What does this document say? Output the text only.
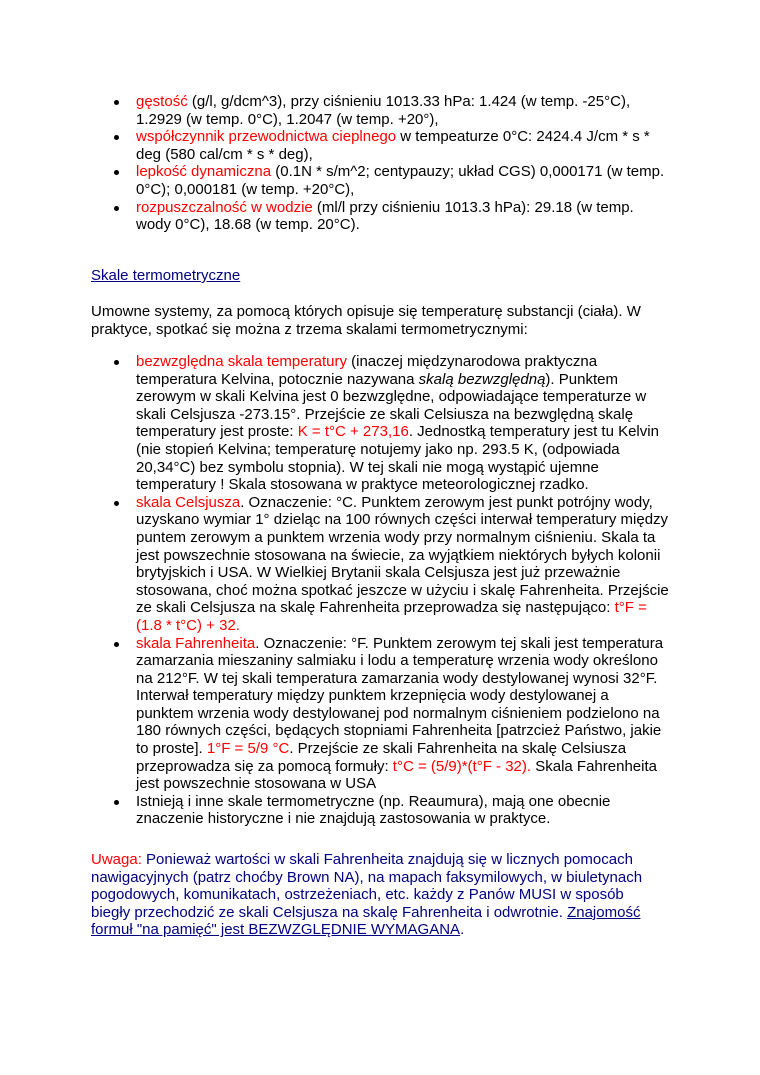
gęstość (g/l, g/dcm^3), przy ciśnieniu 1013.33 hPa: 1.424 (w temp. -25°C), 1.2929 (w temp. 0°C), 1.2047 (w temp. +20°),
współczynnik przewodnictwa cieplnego w tempeaturze 0°C: 2424.4 J/cm * s * deg (580 cal/cm * s * deg),
lepkość dynamiczna (0.1N * s/m^2; centypauzy; układ CGS) 0,000171 (w temp. 0°C); 0,000181 (w temp. +20°C),
rozpuszczalność w wodzie (ml/l przy ciśnieniu 1013.3 hPa): 29.18 (w temp. wody 0°C), 18.68 (w temp. 20°C).
Skale termometryczne

Umowne systemy, za pomocą których opisuje się temperaturę substancji (ciała). W praktyce, spotkać się można z trzema skalami termometrycznymi:

bezwzględna skala temperatury (inaczej międzynarodowa praktyczna temperatura Kelvina, potocznie nazywana skalą bezwzględną). Punktem zerowym w skali Kelvina jest 0 bezwzględne, odpowiadające temperaturze w skali Celsjusza -273.15°. Przejście ze skali Celsiusza na bezwględną skalę temperatury jest proste: K = t°C + 273,16. Jednostką temperatury jest tu Kelvin (nie stopień Kelvina; temperaturę notujemy jako np. 293.5 K, (odpowiada 20,34°C) bez symbolu stopnia). W tej skali nie mogą wystąpić ujemne temperatury ! Skala stosowana w praktyce meteorologicznej rzadko.
skala Celsjusza. Oznaczenie: °C. Punktem zerowym jest punkt potrójny wody, uzyskano wymiar 1° dzieląc na 100 równych części interwał temperatury między puntem zerowym a punktem wrzenia wody przy normalnym ciśnieniu. Skala ta jest powszechnie stosowana na świecie, za wyjątkiem niektórych byłych kolonii brytyjskich i USA. W Wielkiej Brytanii skala Celsjusza jest już przeważnie stosowana, choć można spotkać jeszcze w użyciu i skalę Fahrenheita. Przejście ze skali Celsjusza na skalę Fahrenheita przeprowadza się następująco: t°F = (1.8 * t°C) + 32.
skala Fahrenheita. Oznaczenie: °F. Punktem zerowym tej skali jest temperatura zamarzania mieszaniny salmiaku i lodu a temperaturę wrzenia wody określono na 212°F. W tej skali temperatura zamarzania wody destylowanej wynosi 32°F. Interwał temperatury między punktem krzepnięcia wody destylowanej a punktem wrzenia wody destylowanej pod normalnym ciśnieniem podzielono na 180 równych części, będących stopniami Fahrenheita [patrzcież Państwo, jakie to proste]. 1°F = 5/9 °C. Przejście ze skali Fahrenheita na skalę Celsiusza przeprowadza się za pomocą formuły: t°C = (5/9)*(t°F - 32). Skala Fahrenheita jest powszechnie stosowana w USA
Istnieją i inne skale termometryczne (np. Reaumura), mają one obecnie znaczenie historyczne i nie znajdują zastosowania w praktyce.

Uwaga: Ponieważ wartości w skali Fahrenheita znajdują się w licznych pomocach nawigacyjnych (patrz choćby Brown NA), na mapach faksymilowych, w biuletynach pogodowych, komunikatach, ostrzeżeniach, etc. każdy z Panów MUSI w sposób biegły przechodzić ze skali Celsjusza na skalę Fahrenheita i odwrotnie. Znajomość formuł "na pamięć" jest BEZWZGLĘDNIE WYMAGANA.
